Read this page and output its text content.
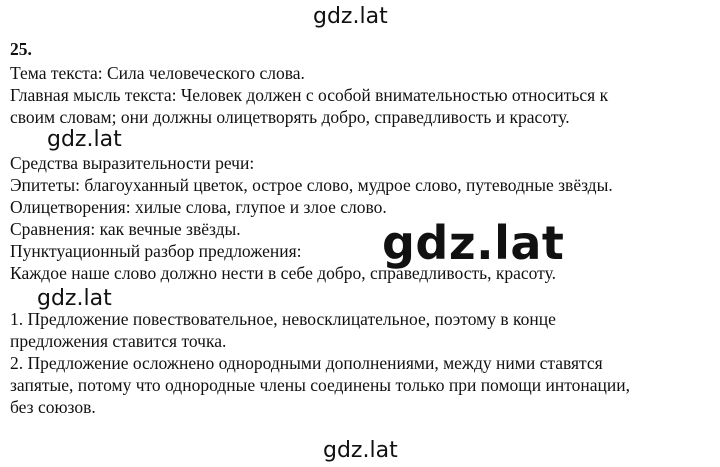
25.
Тема текста: Сила человеческого слова.
Главная мысль текста: Человек должен с особой внимательностью относиться к
своим словам; они должны олицетворять добро, справедливость и красоту.
Средства выразительности речи:
Эпитеты: благоуханный цветок, острое слово, мудрое слово, путеводные звёзды.
Олицетворения: хилые слова, глупое и злое слово.
Сравнения: как вечные звёзды.
Пунктуационный разбор предложения:
Каждое наше слово должно нести в себе добро, справедливость, красоту.
1. Предложение повествовательное, невосклицательное, поэтому в конце
предложения ставится точка.
2. Предложение осложнено однородными дополнениями, между ними ставятся
запятые, потому что однородные члены соединены только при помощи интонации,
без союзов.
gdz.lat
gdz.lat
gdz.lat
gdz.lat
gdz.lat
